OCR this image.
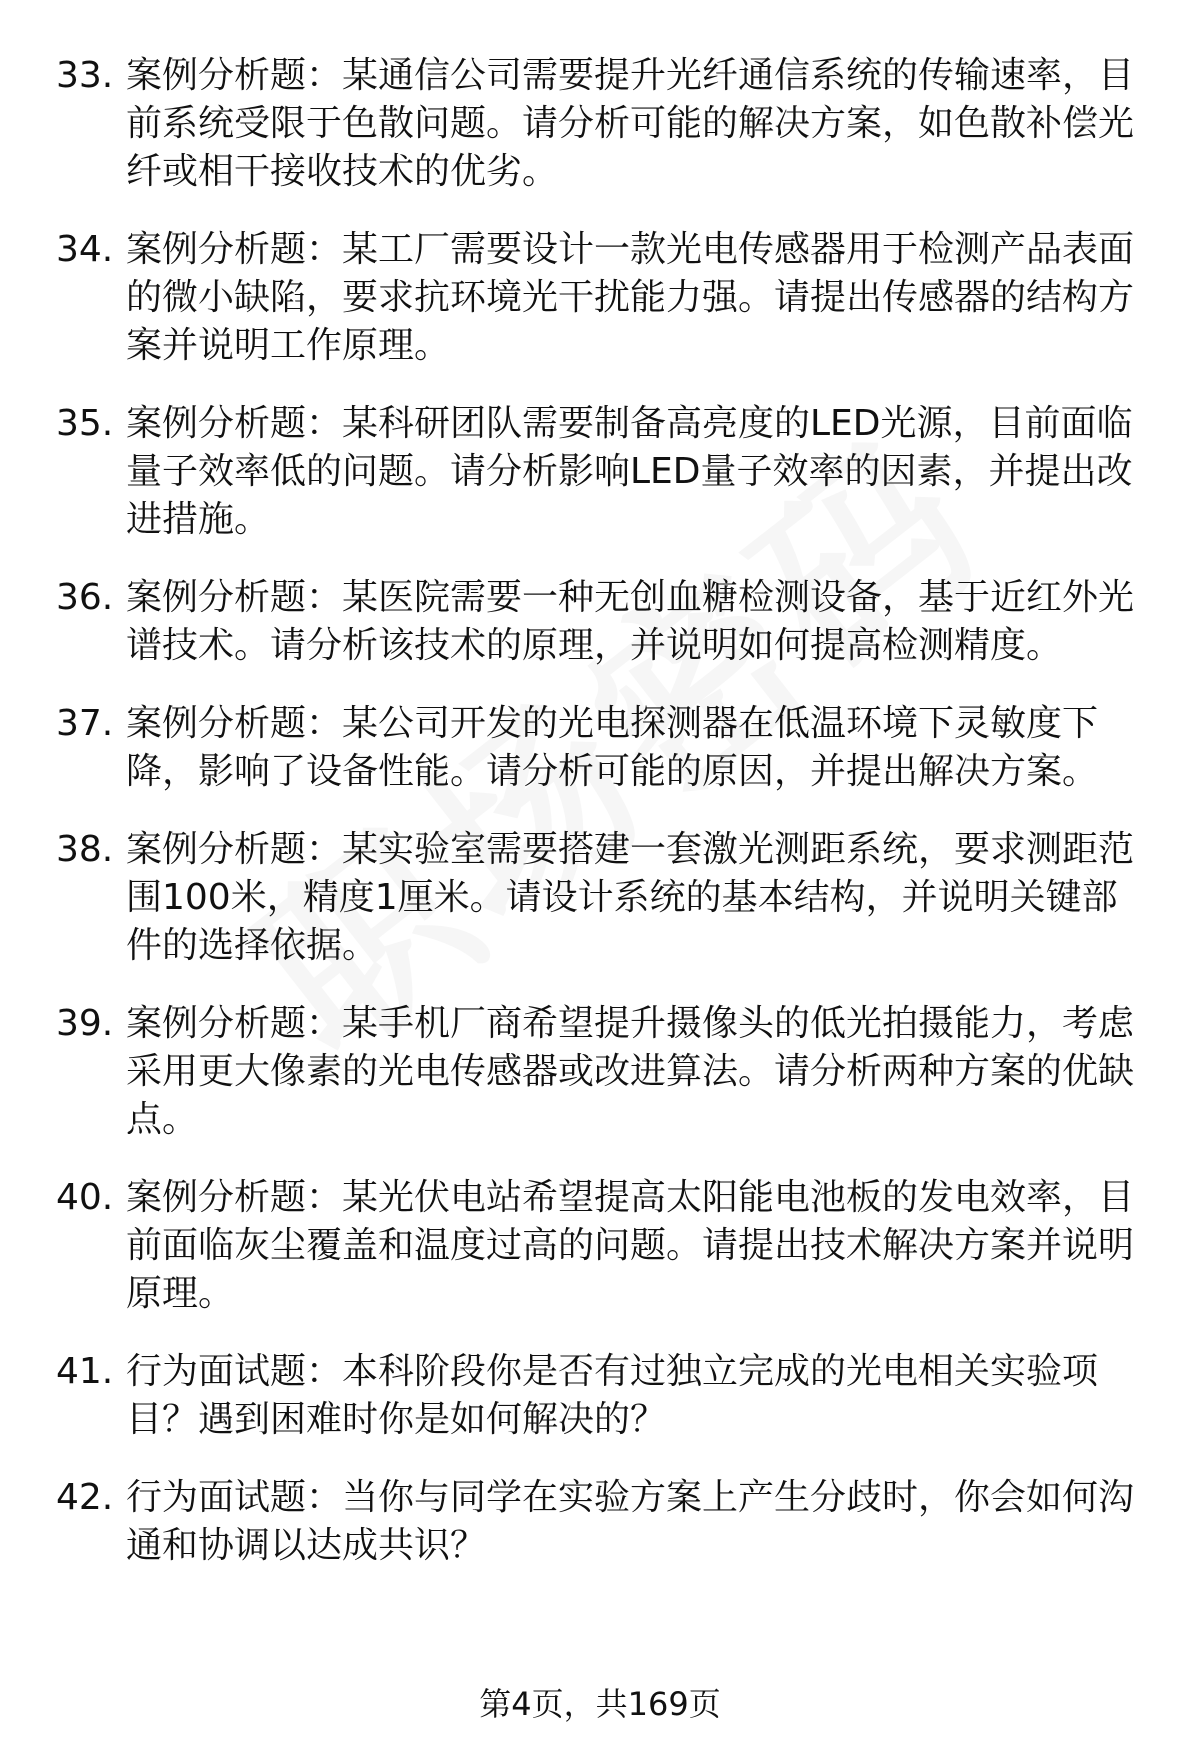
33. 案例分析题：某通信公司需要提升光纤通信系统的传输速率，目前系统受限于色散问题。请分析可能的解决方案，如色散补偿光纤或相干接收技术的优劣。
34. 案例分析题：某工厂需要设计一款光电传感器用于检测产品表面的微小缺陷，要求抗环境光干扰能力强。请提出传感器的结构方案并说明工作原理。
35. 案例分析题：某科研团队需要制备高亮度的LED光源，目前面临量子效率低的问题。请分析影响LED量子效率的因素，并提出改进措施。
36. 案例分析题：某医院需要一种无创血糖检测设备，基于近红外光谱技术。请分析该技术的原理，并说明如何提高检测精度。
37. 案例分析题：某公司开发的光电探测器在低温环境下灵敏度下降，影响了设备性能。请分析可能的原因，并提出解决方案。
38. 案例分析题：某实验室需要搭建一套激光测距系统，要求测距范围100米，精度1厘米。请设计系统的基本结构，并说明关键部件的选择依据。
39. 案例分析题：某手机厂商希望提升摄像头的低光拍摄能力，考虑采用更大像素的光电传感器或改进算法。请分析两种方案的优缺点。
40. 案例分析题：某光伏电站希望提高太阳能电池板的发电效率，目前面临灰尘覆盖和温度过高的问题。请提出技术解决方案并说明原理。
41. 行为面试题：本科阶段你是否有过独立完成的光电相关实验项目？遇到困难时你是如何解决的？
42. 行为面试题：当你与同学在实验方案上产生分歧时，你会如何沟通和协调以达成共识？
第4页，共169页
